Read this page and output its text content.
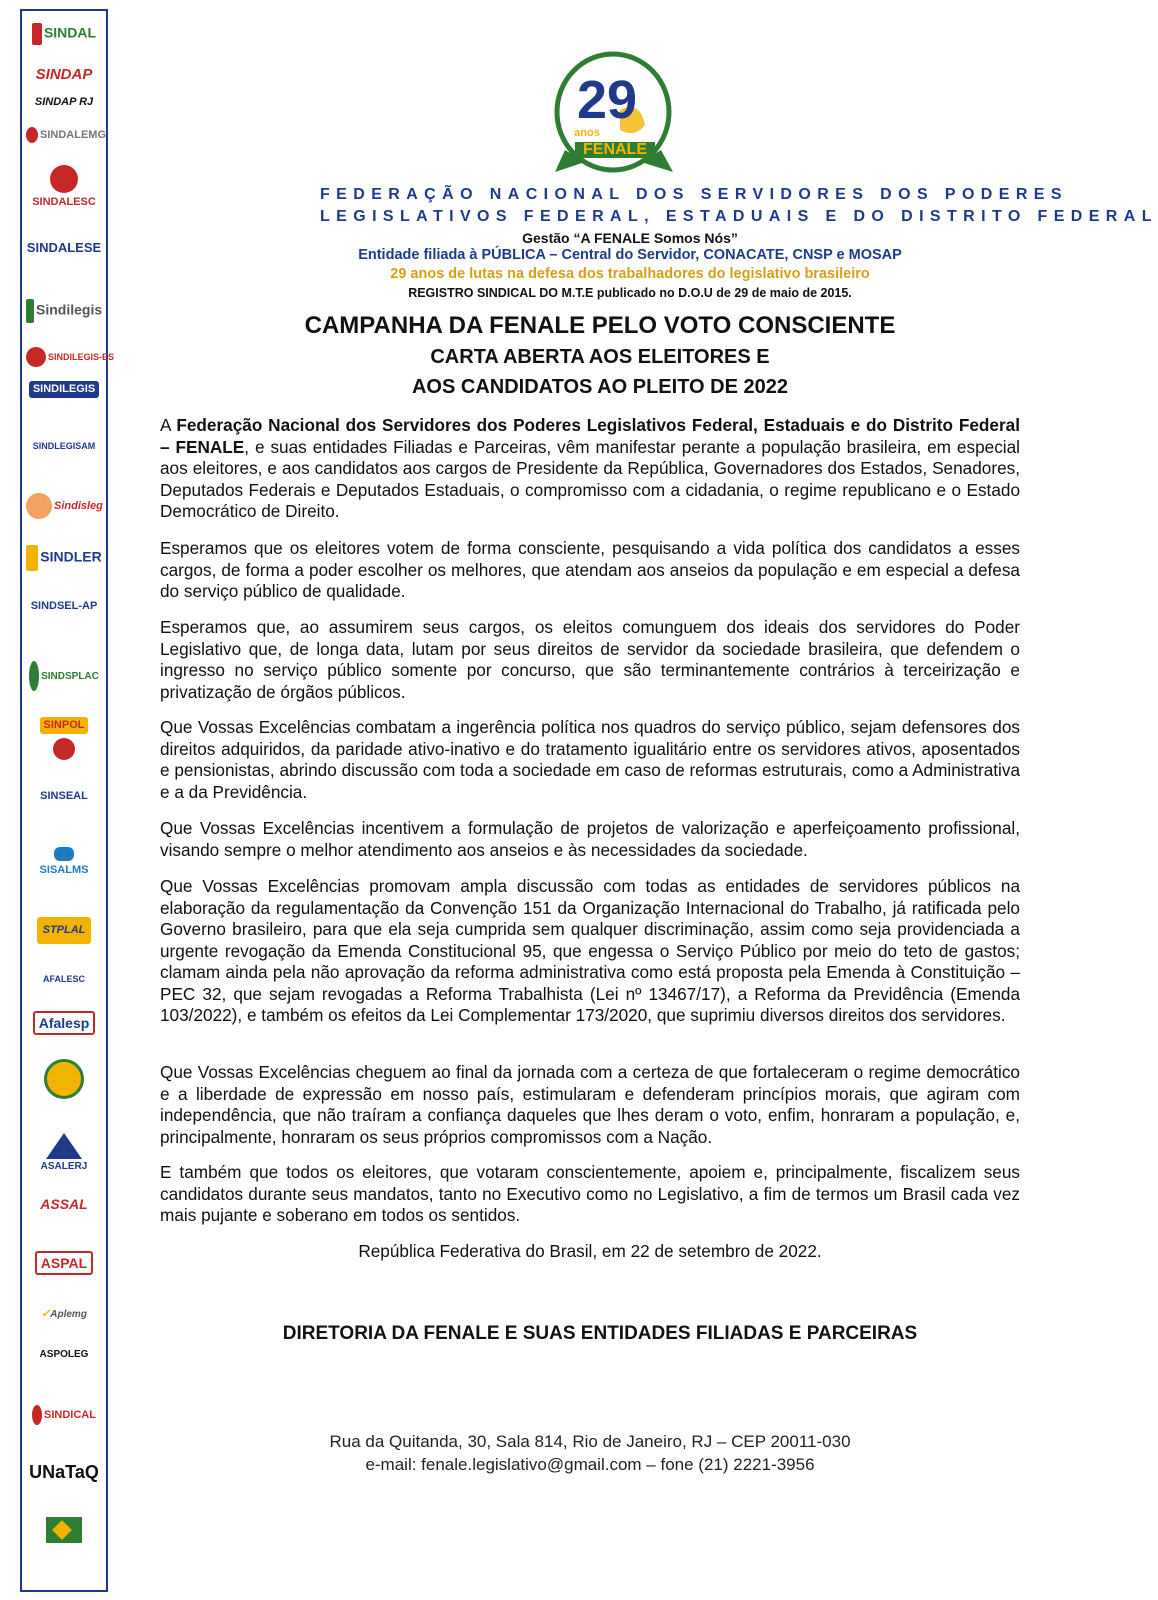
SINDAL
SINDAP
SINDAP RJ
SINDALEMG
SINDALESC
SINDALESE
Sindilegis
SINDILEGIS-ES
SINDILEGIS
SINDLEGISAM
Sindisleg
SINDLER
SINDSEL-AP
SINDSPLAC
SINPOL
SINSEAL
SISALMS
STPLAL
AFALESC
Afalesp
ASALERJ
ASSAL
ASPAL
✓Aplemg
ASPOLEG
SINDICAL
UNaTaQ
29
anos
FENALE
FEDERAÇÃO NACIONAL DOS SERVIDORES DOS PODERES
LEGISLATIVOS FEDERAL, ESTADUAIS E DO DISTRITO FEDERAL
Gestão “A FENALE Somos Nós”
Entidade filiada à PÚBLICA – Central do Servidor, CONACATE, CNSP e MOSAP
29 anos de lutas na defesa dos trabalhadores do legislativo brasileiro
REGISTRO SINDICAL DO M.T.E publicado no D.O.U de 29 de maio de 2015.
CAMPANHA DA FENALE PELO VOTO CONSCIENTE
CARTA ABERTA AOS ELEITORES E
AOS CANDIDATOS AO PLEITO DE 2022

A Federação Nacional dos Servidores dos Poderes Legislativos Federal, Estaduais e do Distrito Federal – FENALE, e suas entidades Filiadas e Parceiras, vêm manifestar perante a população brasileira, em especial aos eleitores, e aos candidatos aos cargos de Presidente da República, Governadores dos Estados, Senadores, Deputados Federais e Deputados Estaduais, o compromisso com a cidadania, o regime republicano e o Estado Democrático de Direito.

Esperamos que os eleitores votem de forma consciente, pesquisando a vida política dos candidatos a esses cargos, de forma a poder escolher os melhores, que atendam aos anseios da população e em especial a defesa do serviço público de qualidade.

Esperamos que, ao assumirem seus cargos, os eleitos comunguem dos ideais dos servidores do Poder Legislativo que, de longa data, lutam por seus direitos de servidor da sociedade brasileira, que defendem o ingresso no serviço público somente por concurso, que são terminantemente contrários à terceirização e privatização de órgãos públicos.

Que Vossas Excelências combatam a ingerência política nos quadros do serviço público, sejam defensores dos direitos adquiridos, da paridade ativo-inativo e do tratamento igualitário entre os servidores ativos, aposentados e pensionistas, abrindo discussão com toda a sociedade em caso de reformas estruturais, como a Administrativa e a da Previdência.

Que Vossas Excelências incentivem a formulação de projetos de valorização e aperfeiçoamento profissional, visando sempre o melhor atendimento aos anseios e às necessidades da sociedade.

Que Vossas Excelências promovam ampla discussão com todas as entidades de servidores públicos na elaboração da regulamentação da Convenção 151 da Organização Internacional do Trabalho, já ratificada pelo Governo brasileiro, para que ela seja cumprida sem qualquer discriminação, assim como seja providenciada a urgente revogação da Emenda Constitucional 95, que engessa o Serviço Público por meio do teto de gastos; clamam ainda pela não aprovação da reforma administrativa como está proposta pela Emenda à Constituição – PEC 32, que sejam revogadas a Reforma Trabalhista (Lei nº 13467/17), a Reforma da Previdência (Emenda 103/2022), e também os efeitos da Lei Complementar 173/2020, que suprimiu diversos direitos dos servidores.

Que Vossas Excelências cheguem ao final da jornada com a certeza de que fortaleceram o regime democrático e a liberdade de expressão em nosso país, estimularam e defenderam princípios morais, que agiram com independência, que não traíram a confiança daqueles que lhes deram o voto, enfim, honraram a população, e, principalmente, honraram os seus próprios compromissos com a Nação.

E também que todos os eleitores, que votaram conscientemente, apoiem e, principalmente, fiscalizem seus candidatos durante seus mandatos, tanto no Executivo como no Legislativo, a fim de termos um Brasil cada vez mais pujante e soberano em todos os sentidos.

República Federativa do Brasil, em 22 de setembro de 2022.

DIRETORIA DA FENALE E SUAS ENTIDADES FILIADAS E PARCEIRAS
Rua da Quitanda, 30, Sala 814, Rio de Janeiro, RJ – CEP 20011-030
e-mail: fenale.legislativo@gmail.com – fone (21) 2221-3956
